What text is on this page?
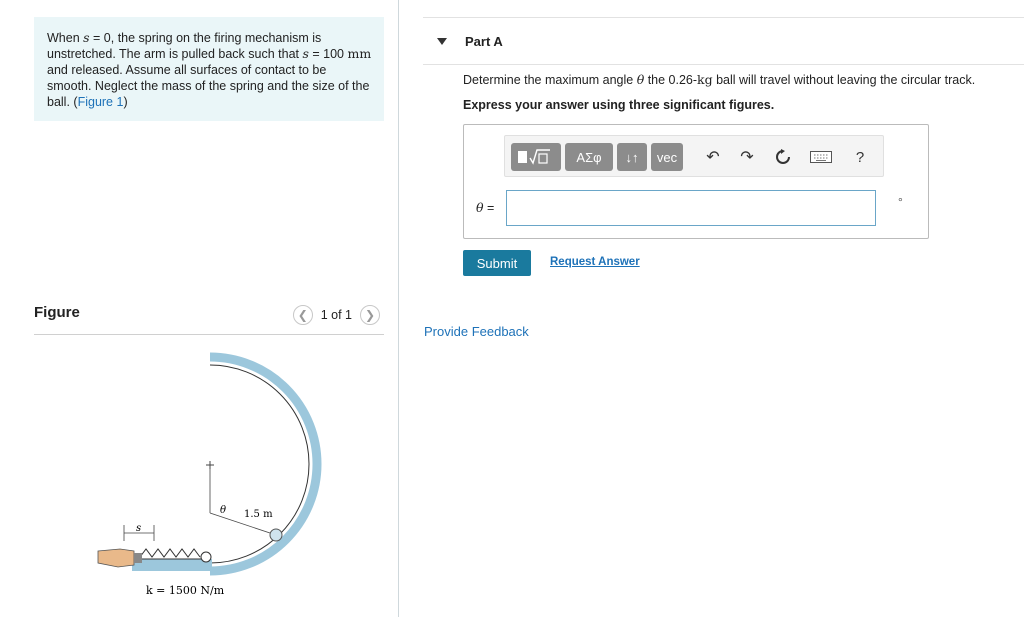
When s = 0, the spring on the firing mechanism is unstretched. The arm is pulled back such that s = 100 mm and released. Assume all surfaces of contact to be smooth. Neglect the mass of the spring and the size of the ball. (Figure 1)
Figure	❮	1 of 1	❯
θ 1.5 m
s
k = 1500 N/m
Part A
Determine the maximum angle θ the 0.26-kg ball will travel without leaving the circular track.
Express your answer using three significant figures.
ΑΣφ	↓↑	vec	↶	↷	?
θ =	°
Submit	Request Answer
Provide Feedback
